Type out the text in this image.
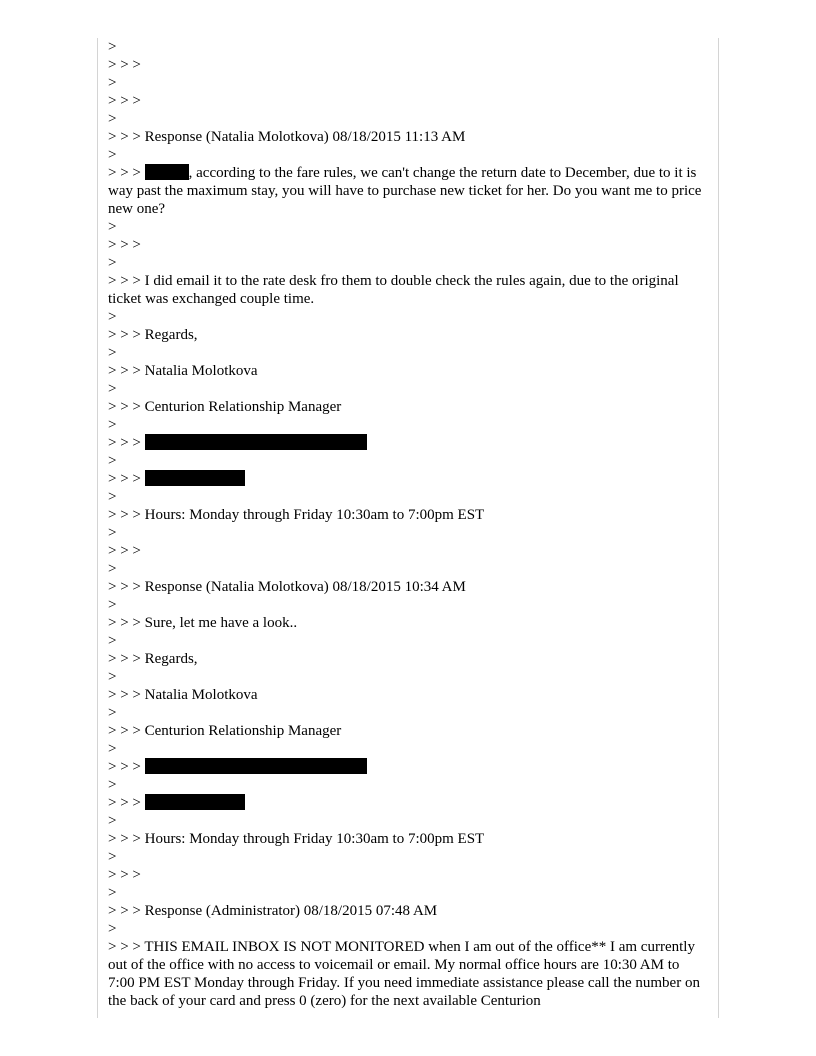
>
> > >
>
> > >
>
> > > Response (Natalia Molotkova) 08/18/2015 11:13 AM
>
> > >	, according to the fare rules, we can't change the return date to December, due to it is way past the maximum stay, you will have to purchase new ticket for her. Do you want me to price new one?
>
> > >
>
> > > I did email it to the rate desk fro them to double check the rules again, due to the original ticket was exchanged couple time.
>
> > > Regards,
>
> > > Natalia Molotkova
>
> > > Centurion Relationship Manager
>
> > >
>
> > >
>
> > > Hours: Monday through Friday 10:30am to 7:00pm EST
>
> > >
>
> > > Response (Natalia Molotkova) 08/18/2015 10:34 AM
>
> > > Sure, let me have a look..
>
> > > Regards,
>
> > > Natalia Molotkova
>
> > > Centurion Relationship Manager
>
> > >
>
> > >
>
> > > Hours: Monday through Friday 10:30am to 7:00pm EST
>
> > >
>
> > > Response (Administrator) 08/18/2015 07:48 AM
>
> > > THIS EMAIL INBOX IS NOT MONITORED when I am out of the office** I am currently out of the office with no access to voicemail or email. My normal office hours are 10:30 AM to 7:00 PM EST Monday through Friday. If you need immediate assistance please call the number on the back of your card and press 0 (zero) for the next available Centurion
